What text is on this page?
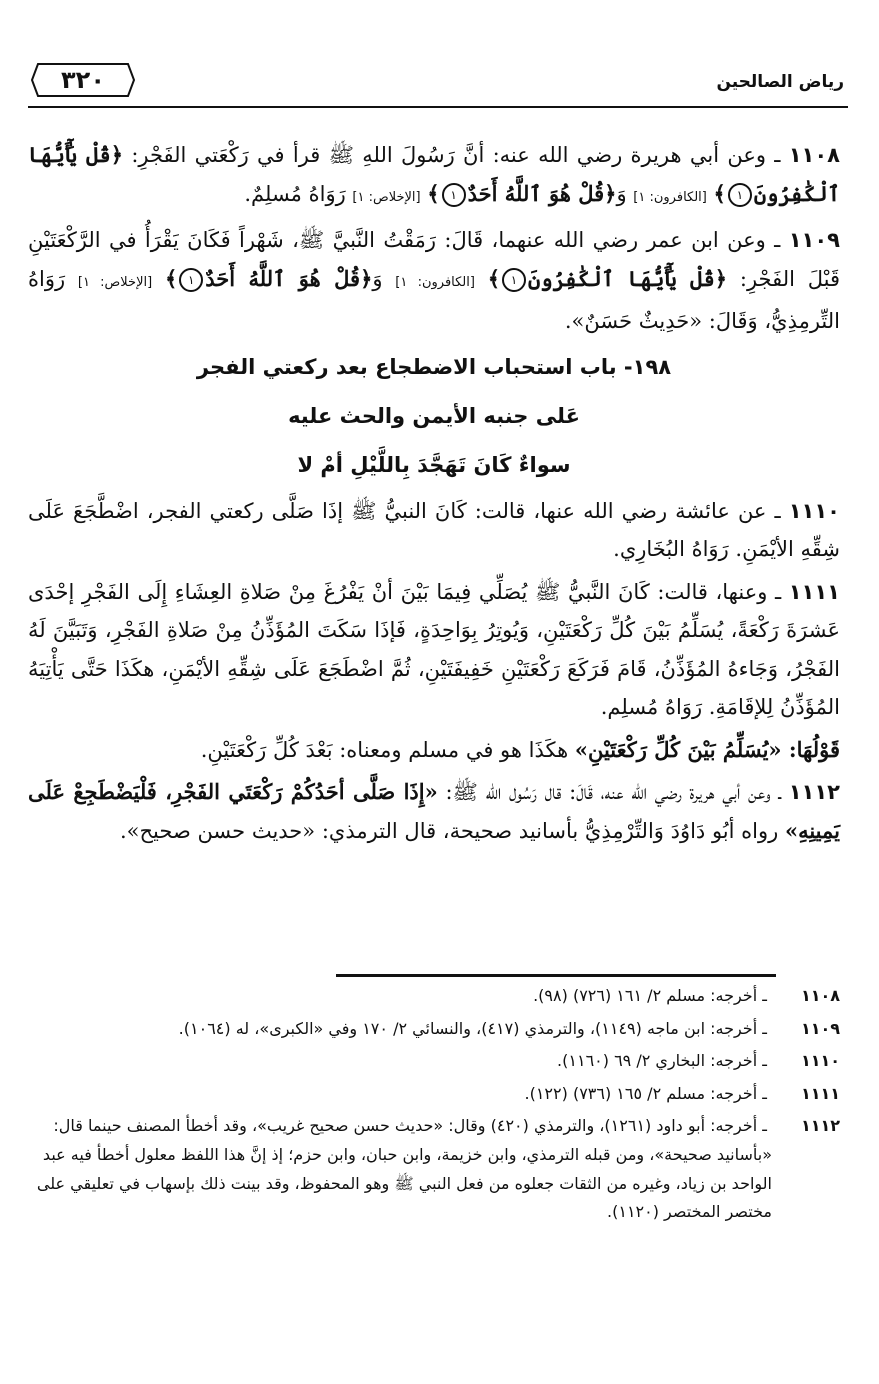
٣٢٠	رياض الصالحين

١١٠٨ ـ وعن أبي هريرة رضي الله عنه: أنَّ رَسُولَ اللهِ ﷺ قرأ في رَكْعَتي الفَجْرِ: ﴿قُلْ يَٰٓأَيُّهَا ٱلْكَٰفِرُونَ١﴾ [الكافرون: ١] وَ﴿قُلْ هُوَ ٱللَّهُ أَحَدٌ١﴾ [الإخلاص: ١] رَوَاهُ مُسلِمٌ.

١١٠٩ ـ وعن ابن عمر رضي الله عنهما، قَالَ: رَمَقْتُ النَّبيَّ ﷺ، شَهْراً فَكَانَ يَقْرَأُ في الرَّكْعَتَيْنِ قَبْلَ الفَجْرِ: ﴿قُلْ يَٰٓأَيُّهَا ٱلْكَٰفِرُونَ١﴾ [الكافرون: ١] وَ﴿قُلْ هُوَ ٱللَّهُ أَحَدٌ١﴾ [الإخلاص: ١] رَوَاهُ التِّرمِذِيُّ، وَقَالَ: «حَدِيثٌ حَسَنٌ».

١٩٨- باب استحباب الاضطجاع بعد ركعتي الفجر
عَلى جنبه الأيمن والحث عليه
سواءٌ كَانَ تَهَجَّدَ بِاللَّيْلِ أمْ لا

١١١٠ ـ عن عائشة رضي الله عنها، قالت: كَانَ النبيُّ ﷺ إذَا صَلَّى ركعتي الفجر، اضْطَّجَعَ عَلَى شِقِّهِ الأيْمَنِ. رَوَاهُ البُخَارِي.

١١١١ ـ وعنها، قالت: كَانَ النَّبيُّ ﷺ يُصَلِّي فِيمَا بَيْنَ أنْ يَفْرُغَ مِنْ صَلاةِ العِشَاءِ إِلَى الفَجْرِ إحْدَى عَشرَةَ رَكْعَةً، يُسَلِّمُ بَيْنَ كُلِّ رَكْعَتَيْنِ، وَيُوتِرُ بِوَاحِدَةٍ، فَإذَا سَكَتَ المُؤَذِّنُ مِنْ صَلاةِ الفَجْرِ، وَتَبَيَّنَ لَهُ الفَجْرُ، وَجَاءهُ المُؤَذِّنُ، قَامَ فَرَكَعَ رَكْعَتَيْنِ خَفِيفَتَيْنِ، ثُمَّ اضْطَجَعَ عَلَى شِقِّهِ الأيْمَنِ، هكَذَا حَتَّى يَأْتِيَهُ المُؤَذِّنُ لِلإقَامَةِ. رَوَاهُ مُسلِم.

قَوْلُهَا: «يُسَلِّمُ بَيْنَ كُلِّ رَكْعَتَيْنِ» هكَذَا هو في مسلم ومعناه: بَعْدَ كُلِّ رَكْعَتَيْنِ.

١١١٢ ـ وعن أبي هريرة رضي الله عنه، قَالَ: قال رَسُول الله ﷺ: «إِذَا صَلَّى أحَدُكُمْ رَكْعَتَي الفَجْرِ، فَلْيَضْطَجِعْ عَلَى يَمِينِهِ» رواه أبُو دَاوُدَ وَالتِّرْمِذِيُّ بأسانيد صحيحة، قال الترمذي: «حديث حسن صحيح».

١١٠٨ ـ أخرجه: مسلم ٢/ ١٦١ (٧٢٦) (٩٨).

١١٠٩ ـ أخرجه: ابن ماجه (١١٤٩)، والترمذي (٤١٧)، والنسائي ٢/ ١٧٠ وفي «الكبرى»، له (١٠٦٤).

١١١٠ ـ أخرجه: البخاري ٢/ ٦٩ (١١٦٠).

١١١١ ـ أخرجه: مسلم ٢/ ١٦٥ (٧٣٦) (١٢٢).

١١١٢ ـ أخرجه: أبو داود (١٢٦١)، والترمذي (٤٢٠) وقال: «حديث حسن صحيح غريب»، وقد أخطأ المصنف حينما قال: «بأسانيد صحيحة»، ومن قبله الترمذي، وابن خزيمة، وابن حبان، وابن حزم؛ إذ إنَّ هذا اللفظ معلول أخطأ فيه عبد الواحد بن زياد، وغيره من الثقات جعلوه من فعل النبي ﷺ وهو المحفوظ، وقد بينت ذلك بإسهاب في تعليقي على مختصر المختصر (١١٢٠).
